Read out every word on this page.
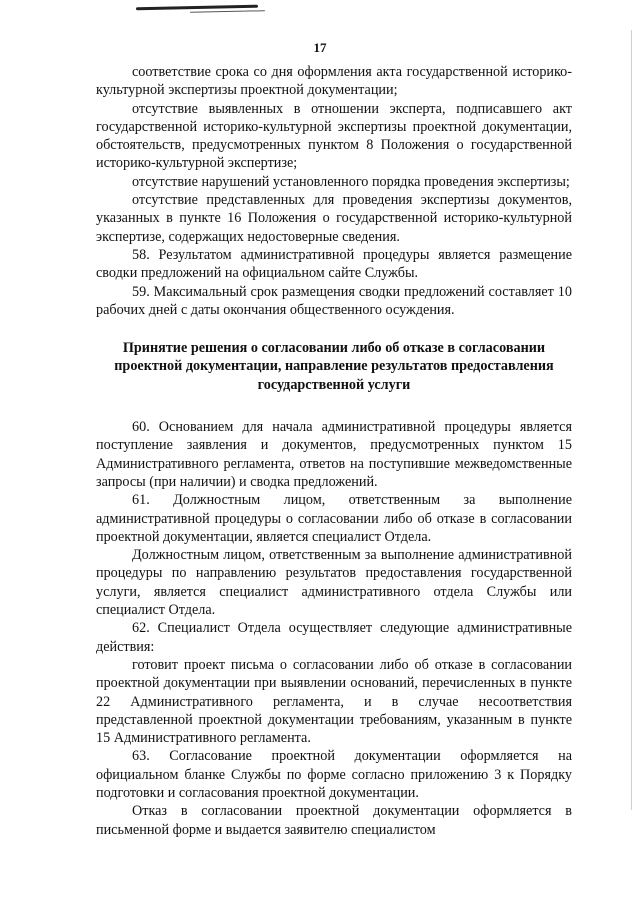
17

соответствие срока со дня оформления акта государственной историко-культурной экспертизы проектной документации;

отсутствие выявленных в отношении эксперта, подписавшего акт государственной историко-культурной экспертизы проектной документации, обстоятельств, предусмотренных пунктом 8 Положения о государственной историко-культурной экспертизе;

отсутствие нарушений установленного порядка проведения экспертизы;

отсутствие представленных для проведения экспертизы документов, указанных в пункте 16 Положения о государственной историко-культурной экспертизе, содержащих недостоверные сведения.

58. Результатом административной процедуры является размещение сводки предложений на официальном сайте Службы.

59. Максимальный срок размещения сводки предложений составляет 10 рабочих дней с даты окончания общественного осуждения.

Принятие решения о согласовании либо об отказе в согласовании проектной документации, направление результатов предоставления государственной услуги

60. Основанием для начала административной процедуры является поступление заявления и документов, предусмотренных пунктом 15 Административного регламента, ответов на поступившие межведомственные запросы (при наличии) и сводка предложений.

61. Должностным лицом, ответственным за выполнение административной процедуры о согласовании либо об отказе в согласовании проектной документации, является специалист Отдела.

Должностным лицом, ответственным за выполнение административной процедуры по направлению результатов предоставления государственной услуги, является специалист административного отдела Службы или специалист Отдела.

62. Специалист Отдела осуществляет следующие административные действия:

готовит проект письма о согласовании либо об отказе в согласовании проектной документации при выявлении оснований, перечисленных в пункте 22 Административного регламента, и в случае несоответствия представленной проектной документации требованиям, указанным в пункте 15 Административного регламента.

63. Согласование проектной документации оформляется на официальном бланке Службы по форме согласно приложению 3 к Порядку подготовки и согласования проектной документации.

Отказ в согласовании проектной документации оформляется в письменной форме и выдается заявителю специалистом
